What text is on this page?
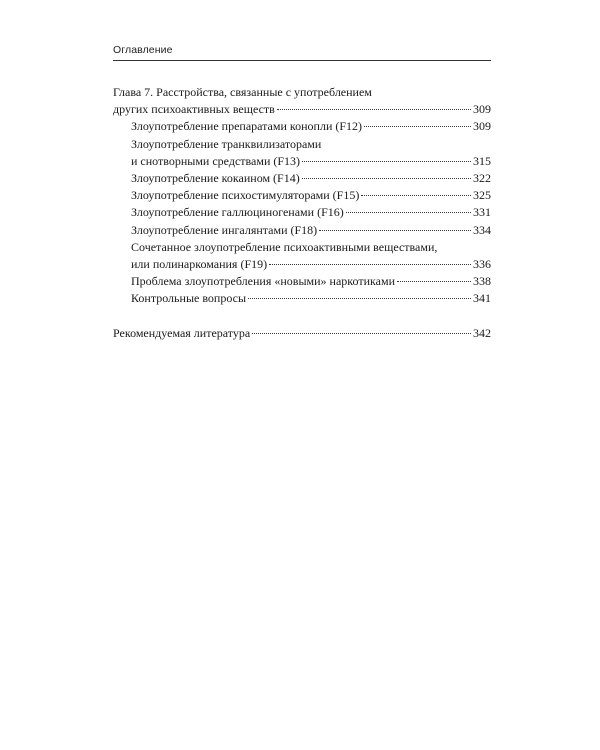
Оглавление
Глава 7. Расстройства, связанные с употреблением
других психоактивных веществ	309
Злоупотребление препаратами конопли (F12)	309
Злоупотребление транквилизаторами
и снотворными средствами (F13)	315
Злоупотребление кокаином (F14)	322
Злоупотребление психостимуляторами (F15)	325
Злоупотребление галлюциногенами (F16)	331
Злоупотребление ингалянтами (F18)	334
Сочетанное злоупотребление психоактивными веществами,
или полинаркомания (F19)	336
Проблема злоупотребления «новыми» наркотиками	338
Контрольные вопросы	341
Рекомендуемая литература	342
